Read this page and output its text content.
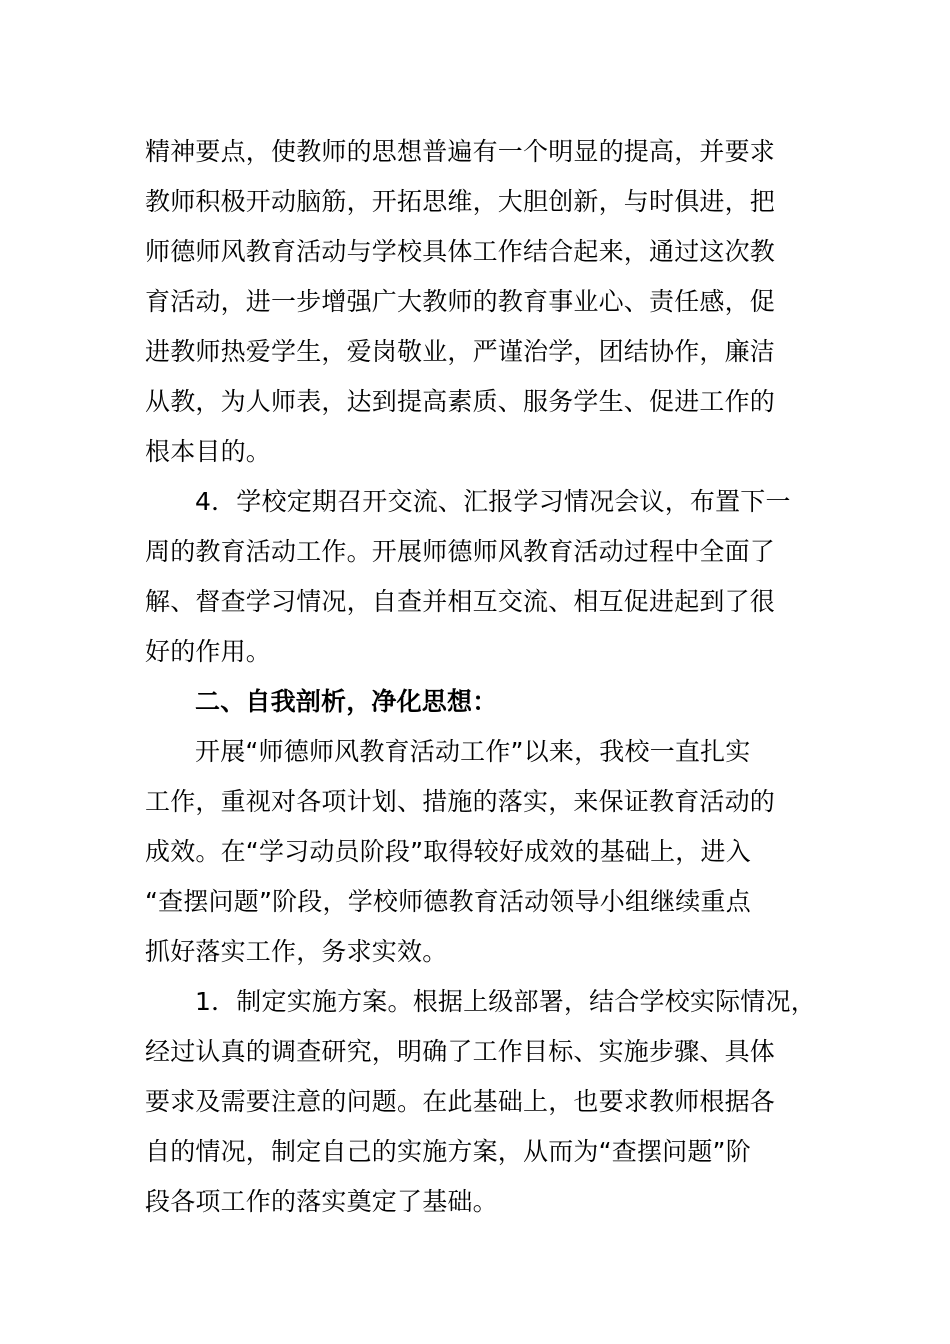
精神要点，使教师的思想普遍有一个明显的提高，并要求
教师积极开动脑筋，开拓思维，大胆创新，与时俱进，把
师德师风教育活动与学校具体工作结合起来，通过这次教
育活动，进一步增强广大教师的教育事业心、责任感，促
进教师热爱学生，爱岗敬业，严谨治学，团结协作，廉洁
从教，为人师表，达到提高素质、服务学生、促进工作的
根本目的。
4．学校定期召开交流、汇报学习情况会议，布置下一
周的教育活动工作。开展师德师风教育活动过程中全面了
解、督查学习情况，自查并相互交流、相互促进起到了很
好的作用。
二、自我剖析，净化思想：
开展“师德师风教育活动工作”以来，我校一直扎实
工作，重视对各项计划、措施的落实，来保证教育活动的
成效。在“学习动员阶段”取得较好成效的基础上，进入
“查摆问题”阶段，学校师德教育活动领导小组继续重点
抓好落实工作，务求实效。
1．制定实施方案。根据上级部署，结合学校实际情况，
经过认真的调查研究，明确了工作目标、实施步骤、具体
要求及需要注意的问题。在此基础上，也要求教师根据各
自的情况，制定自己的实施方案，从而为“查摆问题”阶
段各项工作的落实奠定了基础。
